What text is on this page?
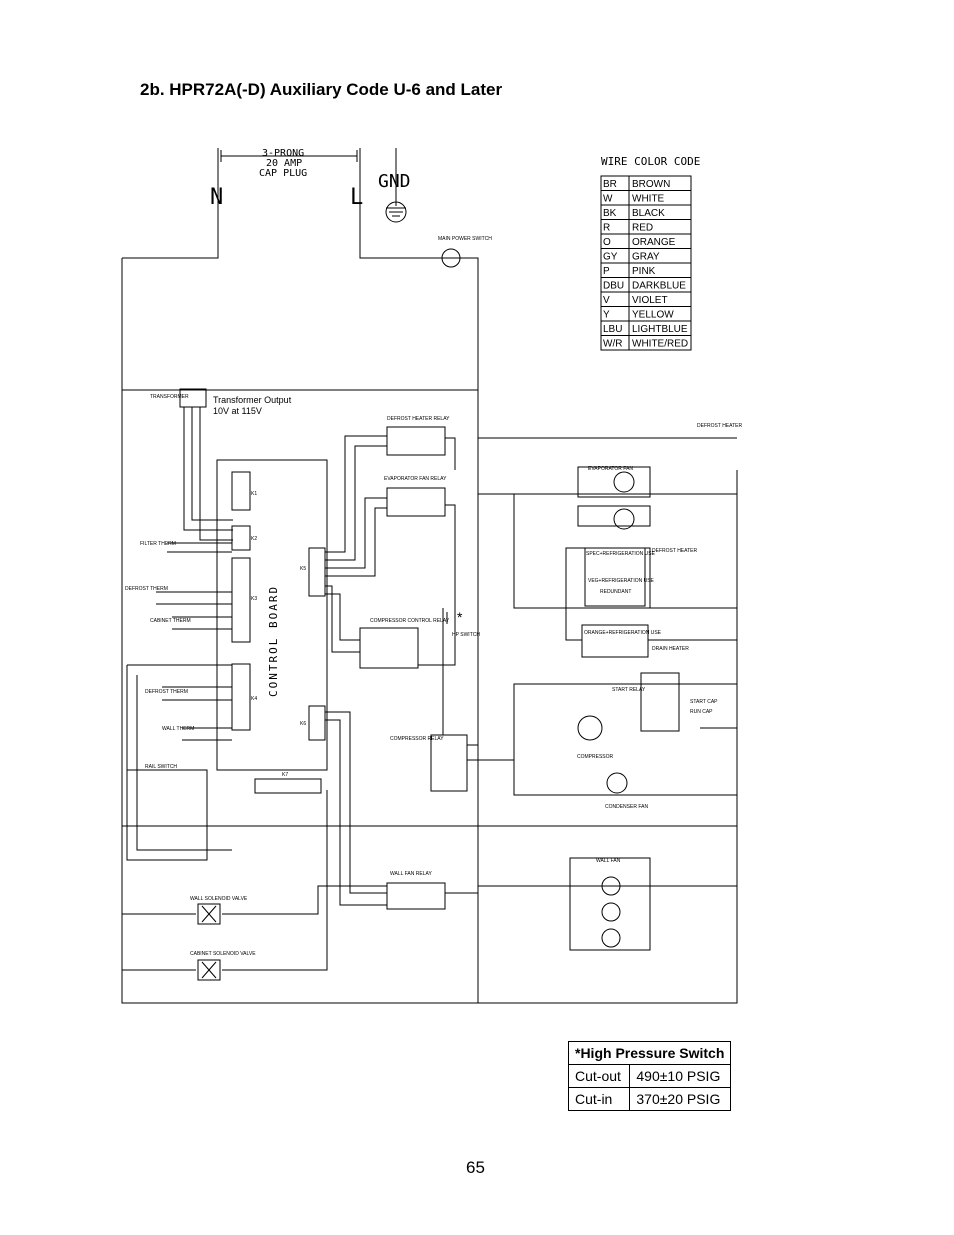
WIRE COLOR CODE
BR BROWN
W WHITE
BK BLACK
R RED
O ORANGE
GY GRAY
P PINK
DBU DARKBLUE
V VIOLET
Y YELLOW
LBU LIGHTBLUE
W/R WHITE/RED
3-PRONG
20 AMP
CAP PLUG
N	L
GND
MAIN POWER SWITCH
TRANSFORMER	Transformer Output
10V at 115V
DEFROST HEATER RELAY
EVAPORATOR FAN RELAY
COMPRESSOR CONTROL RELAY
COMPRESSOR RELAY
WALL FAN RELAY
FILTER THERM
DEFROST THERM
CABINET THERM
DEFROST THERM
WALL THERM
RAIL SWITCH
EVAPORATOR FAN
DEFROST HEATER
DEFROST HEATER
SPEC+REFRIGERATION USE
VEG+REFRIGERATION USE
REDUNDANT
ORANGE+REFRIGERATION USE
DRAIN HEATER
START RELAY
START CAP
RUN CAP
COMPRESSOR
CONDENSER FAN
WALL FAN
WALL SOLENOID VALVE
CABINET SOLENOID VALVE
HP SWITCH
K1
K2
K3
K4
K5
K6
K7
*
CONTROL BOARD
2b. HPR72A(-D) Auxiliary Code U-6 and Later
*High Pressure Switch	
Cut-out	490±10 PSIG
Cut-in	370±20 PSIG
65
